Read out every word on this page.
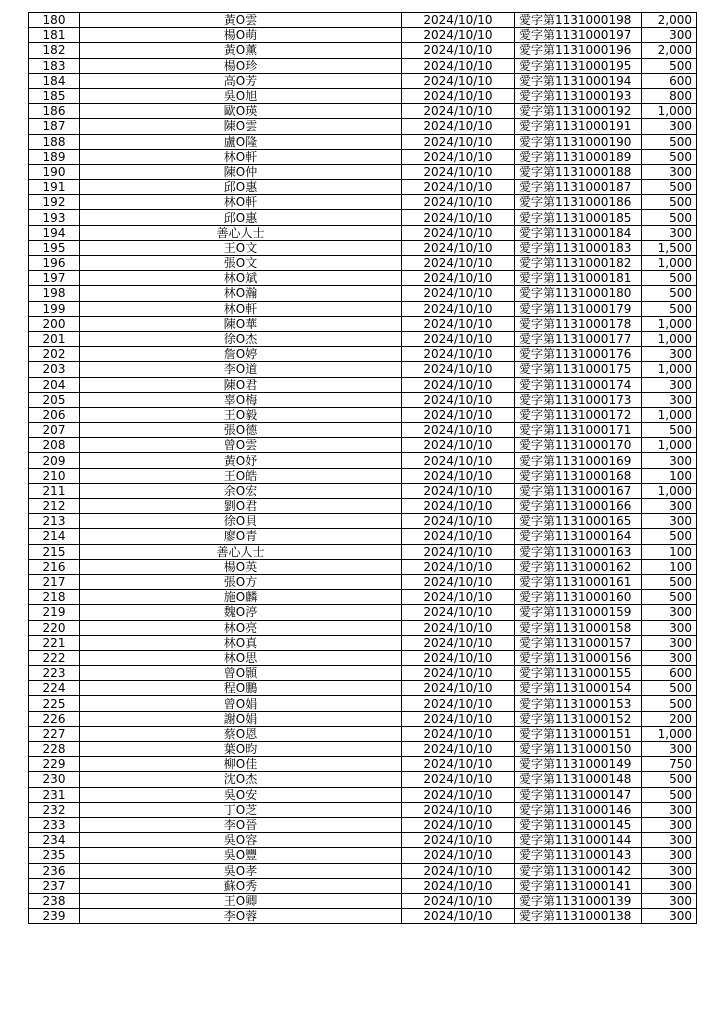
180	黃O雲	2024/10/10	愛字第1131000198	2,000
181	楊O萌	2024/10/10	愛字第1131000197	300
182	黃O薰	2024/10/10	愛字第1131000196	2,000
183	楊O珍	2024/10/10	愛字第1131000195	500
184	高O芳	2024/10/10	愛字第1131000194	600
185	吳O旭	2024/10/10	愛字第1131000193	800
186	歐O瑛	2024/10/10	愛字第1131000192	1,000
187	陳O雲	2024/10/10	愛字第1131000191	300
188	盧O隆	2024/10/10	愛字第1131000190	500
189	林O軒	2024/10/10	愛字第1131000189	500
190	陳O仲	2024/10/10	愛字第1131000188	300
191	邱O惠	2024/10/10	愛字第1131000187	500
192	林O軒	2024/10/10	愛字第1131000186	500
193	邱O惠	2024/10/10	愛字第1131000185	500
194	善心人士	2024/10/10	愛字第1131000184	300
195	王O文	2024/10/10	愛字第1131000183	1,500
196	張O文	2024/10/10	愛字第1131000182	1,000
197	林O斌	2024/10/10	愛字第1131000181	500
198	林O瀚	2024/10/10	愛字第1131000180	500
199	林O軒	2024/10/10	愛字第1131000179	500
200	陳O華	2024/10/10	愛字第1131000178	1,000
201	徐O杰	2024/10/10	愛字第1131000177	1,000
202	詹O婷	2024/10/10	愛字第1131000176	300
203	李O道	2024/10/10	愛字第1131000175	1,000
204	陳O君	2024/10/10	愛字第1131000174	300
205	辜O梅	2024/10/10	愛字第1131000173	300
206	王O毅	2024/10/10	愛字第1131000172	1,000
207	張O德	2024/10/10	愛字第1131000171	500
208	曾O雲	2024/10/10	愛字第1131000170	1,000
209	黃O妤	2024/10/10	愛字第1131000169	300
210	王O皓	2024/10/10	愛字第1131000168	100
211	余O宏	2024/10/10	愛字第1131000167	1,000
212	劉O君	2024/10/10	愛字第1131000166	300
213	徐O貝	2024/10/10	愛字第1131000165	300
214	廖O青	2024/10/10	愛字第1131000164	500
215	善心人士	2024/10/10	愛字第1131000163	100
216	楊O英	2024/10/10	愛字第1131000162	100
217	張O方	2024/10/10	愛字第1131000161	500
218	施O麟	2024/10/10	愛字第1131000160	500
219	魏O渟	2024/10/10	愛字第1131000159	300
220	林O亮	2024/10/10	愛字第1131000158	300
221	林O真	2024/10/10	愛字第1131000157	300
222	林O思	2024/10/10	愛字第1131000156	300
223	曾O顥	2024/10/10	愛字第1131000155	600
224	程O鵬	2024/10/10	愛字第1131000154	500
225	曾O娟	2024/10/10	愛字第1131000153	500
226	謝O娟	2024/10/10	愛字第1131000152	200
227	蔡O恩	2024/10/10	愛字第1131000151	1,000
228	葉O昀	2024/10/10	愛字第1131000150	300
229	柳O佳	2024/10/10	愛字第1131000149	750
230	沈O杰	2024/10/10	愛字第1131000148	500
231	吳O安	2024/10/10	愛字第1131000147	500
232	丁O芝	2024/10/10	愛字第1131000146	300
233	李O晉	2024/10/10	愛字第1131000145	300
234	吳O容	2024/10/10	愛字第1131000144	300
235	吳O豐	2024/10/10	愛字第1131000143	300
236	吳O孝	2024/10/10	愛字第1131000142	300
237	蘇O秀	2024/10/10	愛字第1131000141	300
238	王O卿	2024/10/10	愛字第1131000139	300
239	李O蓉	2024/10/10	愛字第1131000138	300
